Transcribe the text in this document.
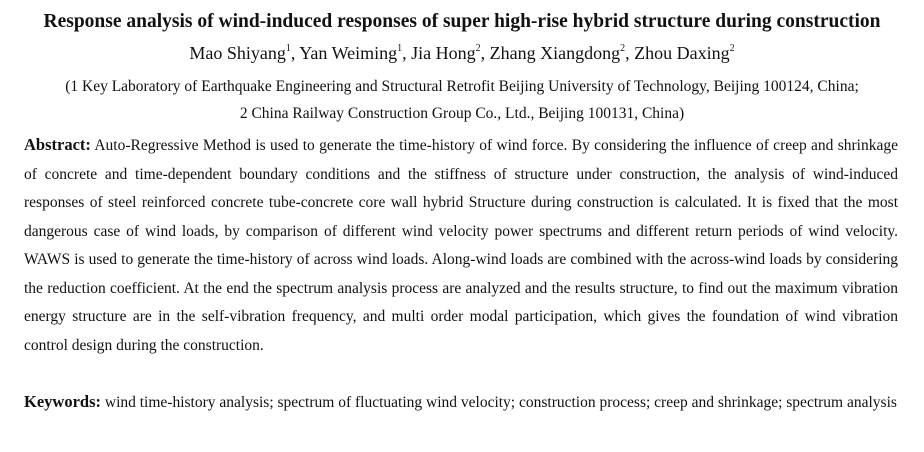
Response analysis of wind-induced responses of super high-rise hybrid structure during construction
Mao Shiyang$^1$, Yan Weiming$^1$, Jia Hong$^2$, Zhang Xiangdong$^2$, Zhou Daxing$^2$
(1 Key Laboratory of Earthquake Engineering and Structural Retrofit Beijing University of Technology, Beijing 100124, China;
2 China Railway Construction Group Co., Ltd., Beijing 100131, China)

Abstract: Auto-Regressive Method is used to generate the time-history of wind force. By considering the influence of creep and shrinkage of concrete and time-dependent boundary conditions and the stiffness of structure under construction, the analysis of wind-induced responses of steel reinforced concrete tube-concrete core wall hybrid Structure during construction is calculated. It is fixed that the most dangerous case of wind loads, by comparison of different wind velocity power spectrums and different return periods of wind velocity. WAWS is used to generate the time-history of across wind loads. Along-wind loads are combined with the across-wind loads by considering the reduction coefficient. At the end the spectrum analysis process are analyzed and the results structure, to find out the maximum vibration energy structure are in the self-vibration frequency, and multi order modal participation, which gives the foundation of wind vibration control design during the construction.

Keywords: wind time-history analysis; spectrum of fluctuating wind velocity; construction process; creep and shrinkage; spectrum analysis
